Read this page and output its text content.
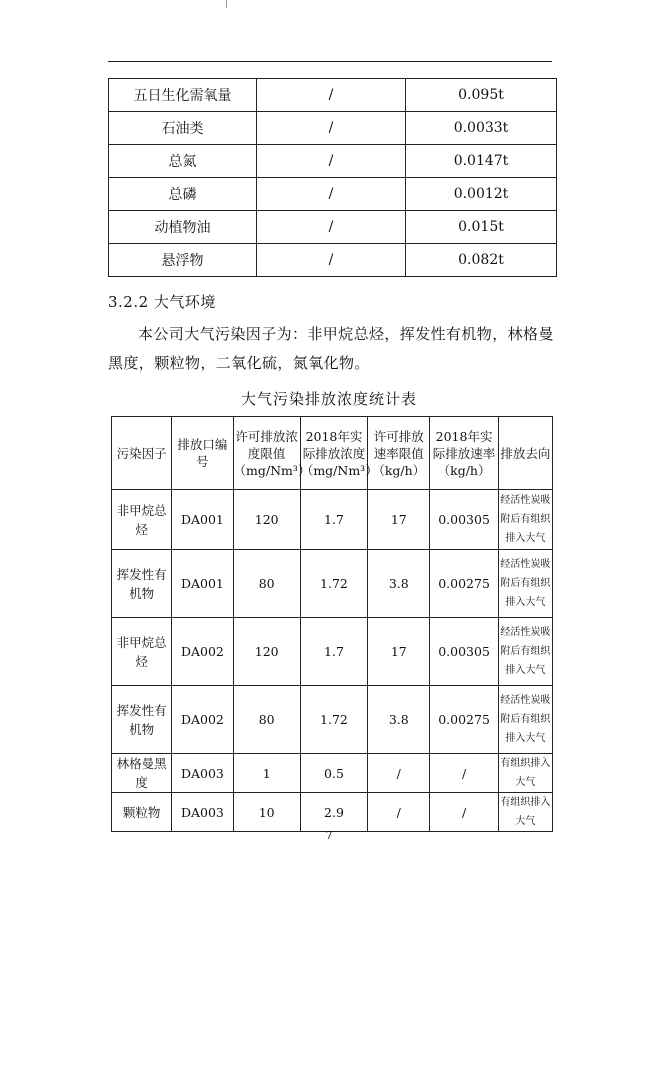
五日生化需氧量	/	0.095t
石油类	/	0.0033t
总氮	/	0.0147t
总磷	/	0.0012t
动植物油	/	0.015t
悬浮物	/	0.082t
3.2.2 大气环境
本公司大气污染因子为：非甲烷总烃，挥发性有机物，林格曼黑度，颗粒物，二氧化硫，氮氧化物。
大气污染排放浓度统计表
污染因子	排放口编号	许可排放浓度限值（mg/Nm³）	2018年实际排放浓度（mg/Nm³）	许可排放速率限值（kg/h）	2018年实际排放速率（kg/h）	排放去向
非甲烷总烃	DA001	120	1.7	17	0.00305	经活性炭吸附后有组织排入大气
挥发性有机物	DA001	80	1.72	3.8	0.00275	经活性炭吸附后有组织排入大气
非甲烷总烃	DA002	120	1.7	17	0.00305	经活性炭吸附后有组织排入大气
挥发性有机物	DA002	80	1.72	3.8	0.00275	经活性炭吸附后有组织排入大气
林格曼黑度	DA003	1	0.5	/	/	有组织排入大气
颗粒物	DA003	10	2.9	/	/	有组织排入大气
7
